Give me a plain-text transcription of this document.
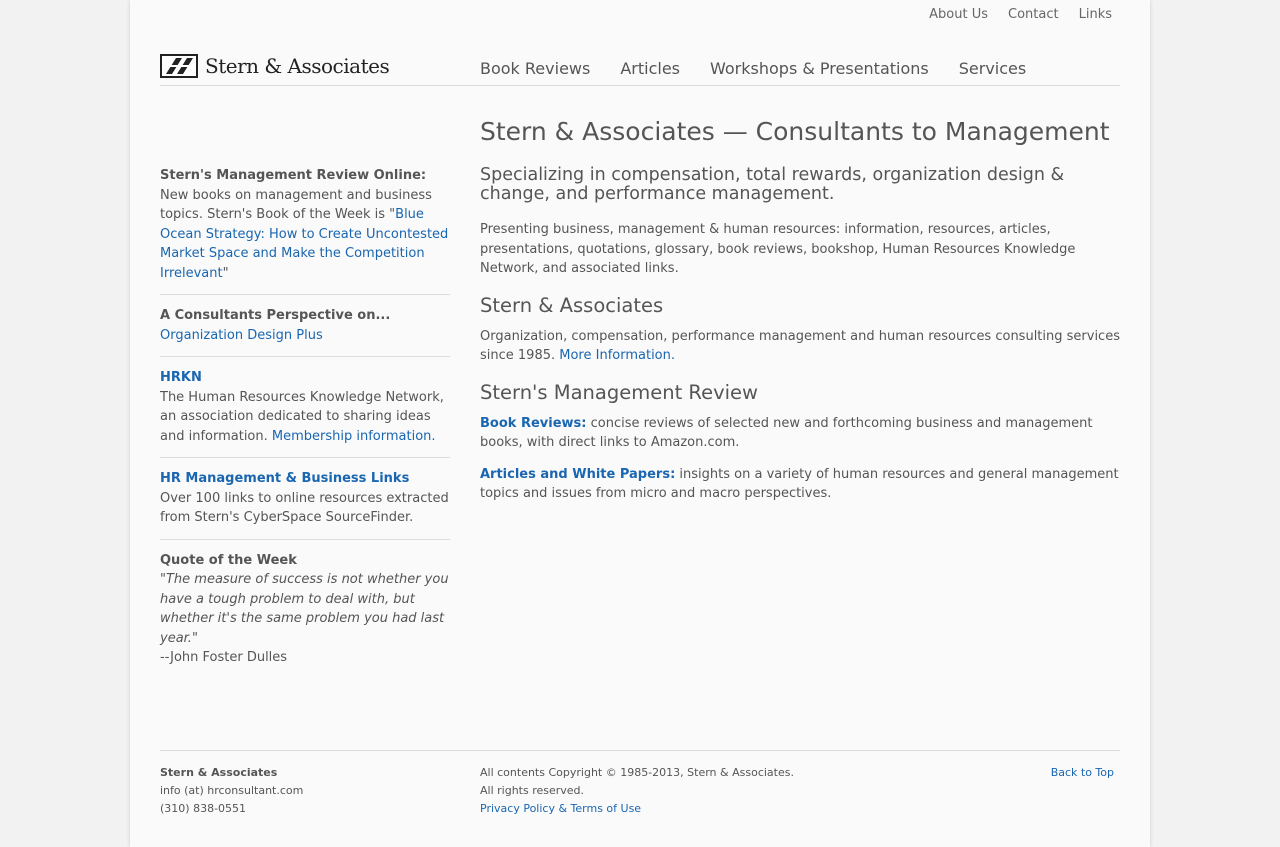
About Us Contact Links
Stern & Associates	Book Reviews Articles Workshops & Presentations Services
Stern's Management Review Online:
New books on management and business topics. Stern's Book of the Week is "Blue Ocean Strategy: How to Create Uncontested Market Space and Make the Competition Irrelevant"
A Consultants Perspective on...
Organization Design Plus
HRKN
The Human Resources Knowledge Network, an association dedicated to sharing ideas and information. Membership information.
HR Management & Business Links
Over 100 links to online resources extracted from Stern's CyberSpace SourceFinder.
Quote of the Week
"The measure of success is not whether you have a tough problem to deal with, but whether it's the same problem you had last year."
--John Foster Dulles
Stern & Associates — Consultants to Management

Specializing in compensation, total rewards, organization design & change, and performance management.

Presenting business, management & human resources: information, resources, articles, presentations, quotations, glossary, book reviews, bookshop, Human Resources Knowledge Network, and associated links.

Stern & Associates

Organization, compensation, performance management and human resources consulting services since 1985. More Information.

Stern's Management Review

Book Reviews: concise reviews of selected new and forthcoming business and management books, with direct links to Amazon.com.

Articles and White Papers: insights on a variety of human resources and general management topics and issues from micro and macro perspectives.

Stern & Associates
info (at) hrconsultant.com
(310) 838-0551
All contents Copyright © 1985-2013, Stern & Associates.
All rights reserved.
Privacy Policy & Terms of Use
Back to Top
